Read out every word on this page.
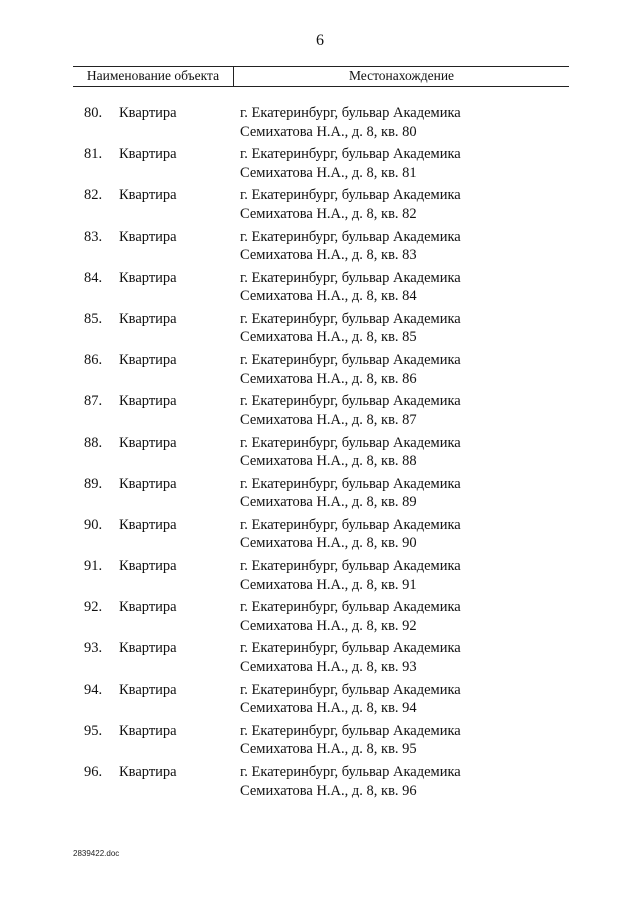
6
Наименование объекта	Местонахождение
80. Квартира	г. Екатеринбург, бульвар Академика
Семихатова Н.А., д. 8, кв. 80
81. Квартира	г. Екатеринбург, бульвар Академика
Семихатова Н.А., д. 8, кв. 81
82. Квартира	г. Екатеринбург, бульвар Академика
Семихатова Н.А., д. 8, кв. 82
83. Квартира	г. Екатеринбург, бульвар Академика
Семихатова Н.А., д. 8, кв. 83
84. Квартира	г. Екатеринбург, бульвар Академика
Семихатова Н.А., д. 8, кв. 84
85. Квартира	г. Екатеринбург, бульвар Академика
Семихатова Н.А., д. 8, кв. 85
86. Квартира	г. Екатеринбург, бульвар Академика
Семихатова Н.А., д. 8, кв. 86
87. Квартира	г. Екатеринбург, бульвар Академика
Семихатова Н.А., д. 8, кв. 87
88. Квартира	г. Екатеринбург, бульвар Академика
Семихатова Н.А., д. 8, кв. 88
89. Квартира	г. Екатеринбург, бульвар Академика
Семихатова Н.А., д. 8, кв. 89
90. Квартира	г. Екатеринбург, бульвар Академика
Семихатова Н.А., д. 8, кв. 90
91. Квартира	г. Екатеринбург, бульвар Академика
Семихатова Н.А., д. 8, кв. 91
92. Квартира	г. Екатеринбург, бульвар Академика
Семихатова Н.А., д. 8, кв. 92
93. Квартира	г. Екатеринбург, бульвар Академика
Семихатова Н.А., д. 8, кв. 93
94. Квартира	г. Екатеринбург, бульвар Академика
Семихатова Н.А., д. 8, кв. 94
95. Квартира	г. Екатеринбург, бульвар Академика
Семихатова Н.А., д. 8, кв. 95
96. Квартира	г. Екатеринбург, бульвар Академика
Семихатова Н.А., д. 8, кв. 96
2839422.doc
